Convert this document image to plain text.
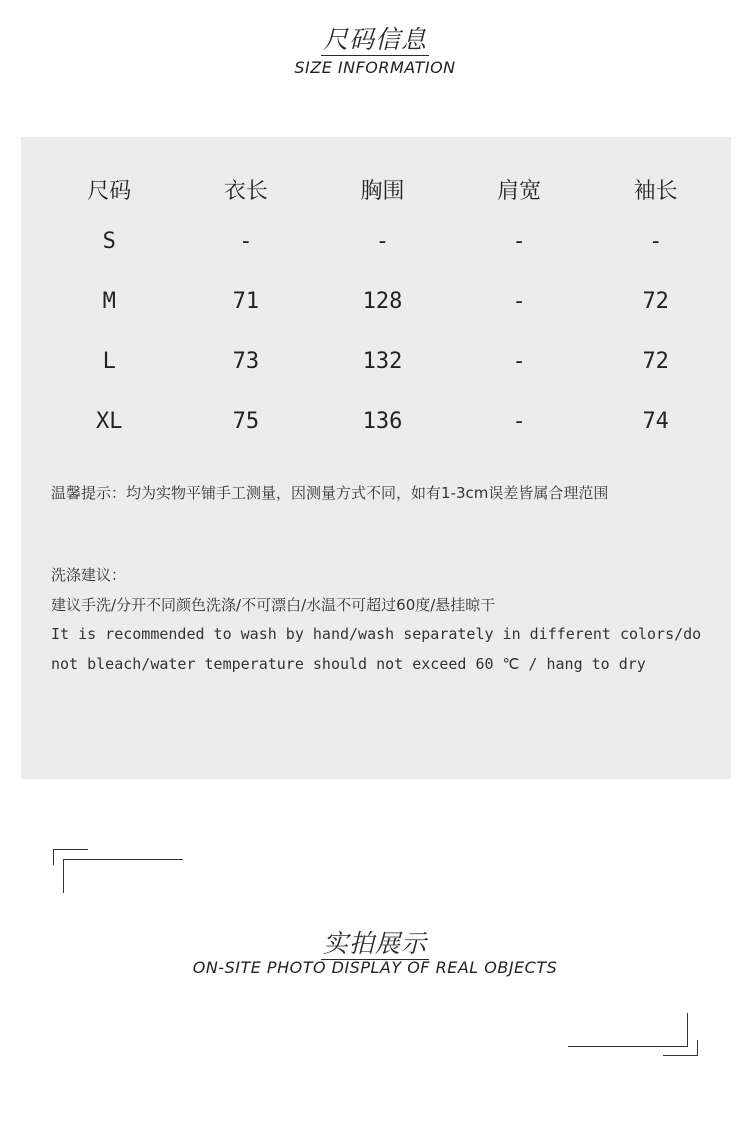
尺码信息
SIZE INFORMATION
尺码	衣长	胸围	肩宽	袖长
S	-	-	-	-
M	71	128	-	72
L	73	132	-	72
XL	75	136	-	74
温馨提示：均为实物平铺手工测量，因测量方式不同，如有1-3cm误差皆属合理范围
洗涤建议：
建议手洗/分开不同颜色洗涤/不可漂白/水温不可超过60度/悬挂晾干
It is recommended to wash by hand/wash separately in different colors/do
not bleach/water temperature should not exceed 60 ℃ / hang to dry
实拍展示
ON-SITE PHOTO DISPLAY OF REAL OBJECTS
